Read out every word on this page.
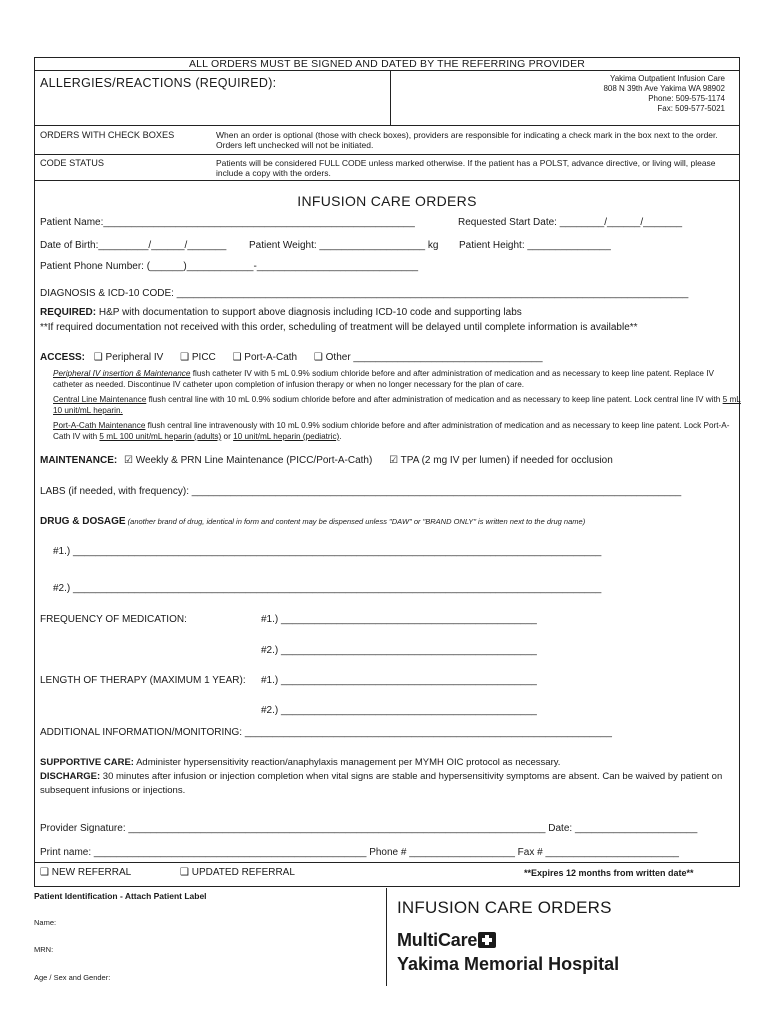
ALL ORDERS MUST BE SIGNED AND DATED BY THE REFERRING PROVIDER
ALLERGIES/REACTIONS (REQUIRED):	Yakima Outpatient Infusion Care
808 N 39th Ave Yakima WA 98902
Phone: 509-575-1174
Fax: 509-577-5021
ORDERS WITH CHECK BOXES	When an order is optional (those with check boxes), providers are responsible for indicating a check mark in the box next to the order. Orders left unchecked will not be initiated.
CODE STATUS	Patients will be considered FULL CODE unless marked otherwise. If the patient has a POLST, advance directive, or living will, please include a copy with the orders.
INFUSION CARE ORDERS
Patient Name:________________________________________________________	Requested Start Date: ________/______/_______
Date of Birth:_________/______/_______ Patient Weight: ___________________ kg Patient Height: _______________
Patient Phone Number: (______)____________-_____________________________
DIAGNOSIS & ICD-10 CODE: ____________________________________________________________________________________________
REQUIRED: H&P with documentation to support above diagnosis including ICD-10 code and supporting labs
**If required documentation not received with this order, scheduling of treatment will be delayed until complete information is available**
ACCESS: ❑ Peripheral IV ❑ PICC ❑ Port-A-Cath ❑ Other __________________________________
Peripheral IV insertion & Maintenance flush catheter IV with 5 mL 0.9% sodium chloride before and after administration of medication and as necessary to keep line patent. Replace IV catheter as needed. Discontinue IV catheter upon completion of infusion therapy or when no longer necessary for the plan of care.
Central Line Maintenance flush central line with 10 mL 0.9% sodium chloride before and after administration of medication and as necessary to keep line patent. Lock central line IV with 5 mL 10 unit/mL heparin.
Port-A-Cath Maintenance flush central line intravenously with 10 mL 0.9% sodium chloride before and after administration of medication and as necessary to keep line patent. Lock Port-A-Cath IV with 5 mL 100 unit/mL heparin (adults) or 10 unit/mL heparin (pediatric).
MAINTENANCE: ☑ Weekly & PRN Line Maintenance (PICC/Port-A-Cath) ☑ TPA (2 mg IV per lumen) if needed for occlusion
LABS (if needed, with frequency): ________________________________________________________________________________________
DRUG & DOSAGE (another brand of drug, identical in form and content may be dispensed unless "DAW" or "BRAND ONLY" is written next to the drug name)
#1.) _______________________________________________________________________________________________
#2.) _______________________________________________________________________________________________
FREQUENCY OF MEDICATION:	#1.) ______________________________________________
#2.) ______________________________________________
LENGTH OF THERAPY (MAXIMUM 1 YEAR): #1.) ______________________________________________
#2.) ______________________________________________
ADDITIONAL INFORMATION/MONITORING: __________________________________________________________________
SUPPORTIVE CARE: Administer hypersensitivity reaction/anaphylaxis management per MYMH OIC protocol as necessary.
DISCHARGE: 30 minutes after infusion or injection completion when vital signs are stable and hypersensitivity symptoms are absent. Can be waived by patient on subsequent infusions or injections.
Provider Signature: ___________________________________________________________________________ Date: ______________________
Print name: _________________________________________________ Phone # ___________________ Fax # ________________________
❑ NEW REFERRAL	❑ UPDATED REFERRAL	**Expires 12 months from written date**
Patient Identification - Attach Patient Label
Name:
MRN:
Age / Sex and Gender:
INFUSION CARE ORDERS
MultiCare
Yakima Memorial Hospital
